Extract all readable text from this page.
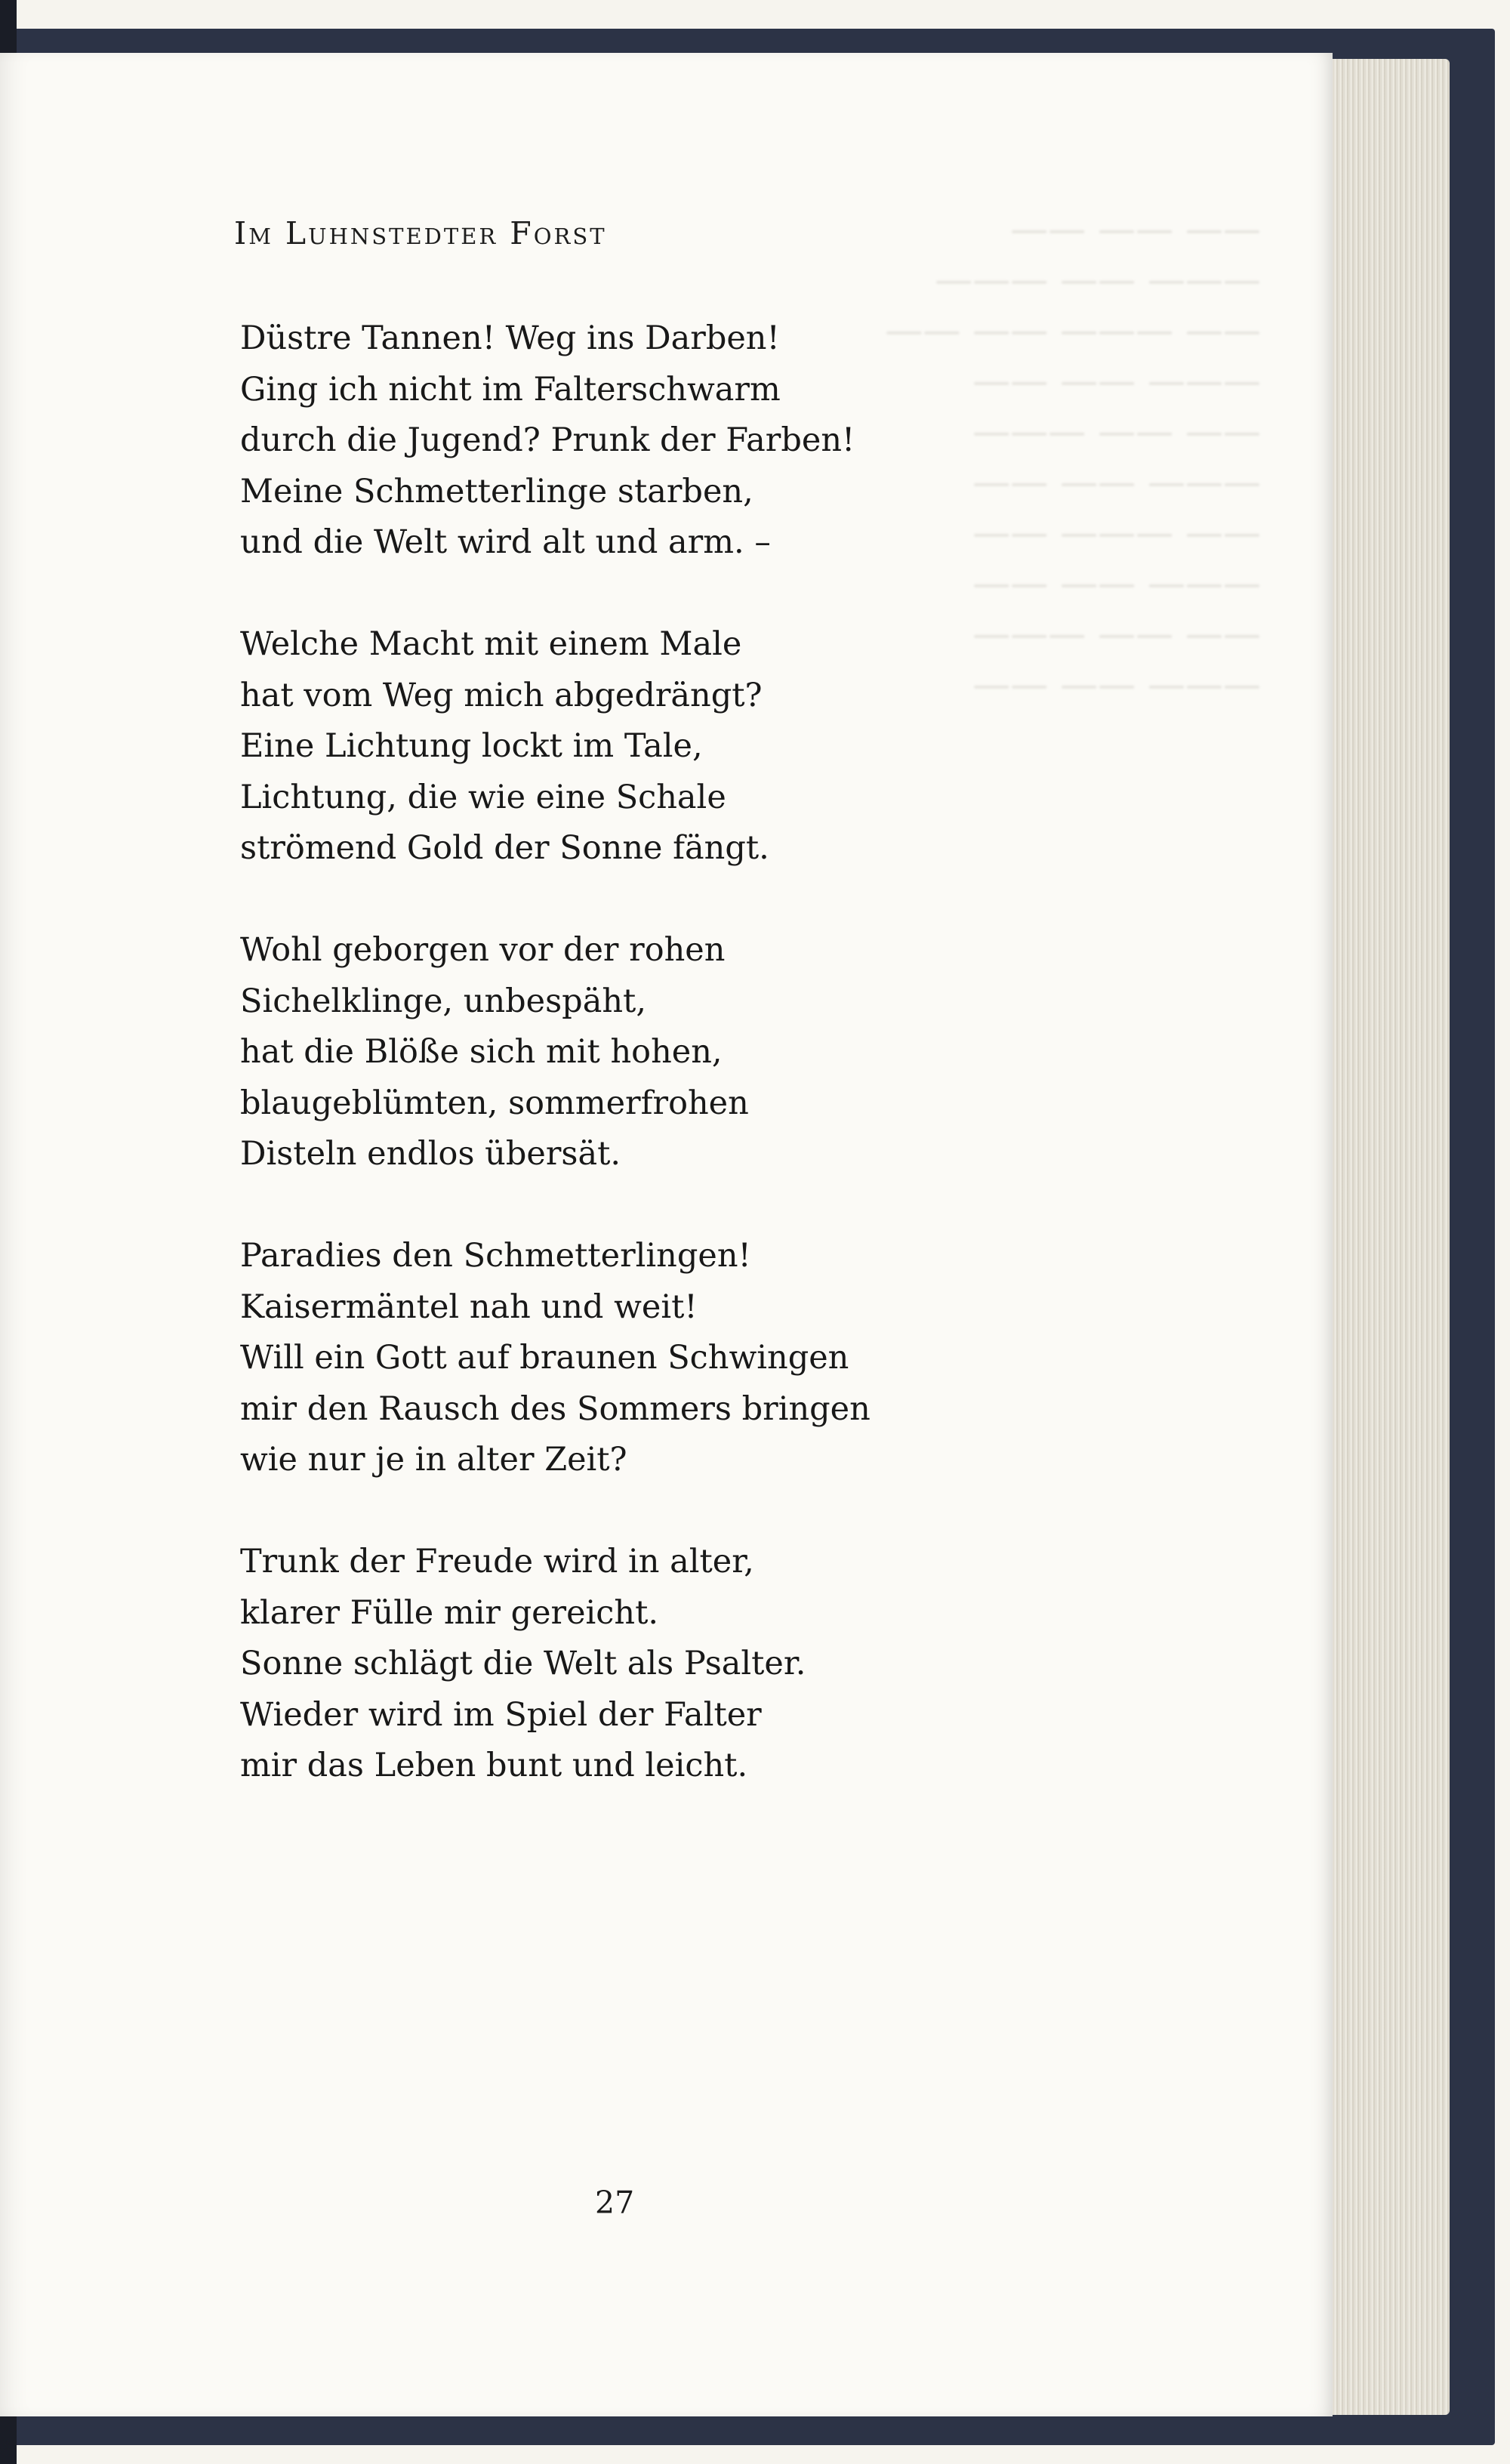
—— —— ——
——— —— ———
—— ——— —— ——
——— —— ——
—— —— ———
——— —— ——
—— ——— ——
——— —— ——
—— —— ———
——— —— ——
Im Luhnstedter Forst
Düstre Tannen! Weg ins Darben!
Ging ich nicht im Falterschwarm
durch die Jugend? Prunk der Farben!
Meine Schmetterlinge starben,
und die Welt wird alt und arm. –
Welche Macht mit einem Male
hat vom Weg mich abgedrängt?
Eine Lichtung lockt im Tale,
Lichtung, die wie eine Schale
strömend Gold der Sonne fängt.
Wohl geborgen vor der rohen
Sichelklinge, unbespäht,
hat die Blöße sich mit hohen,
blaugeblümten, sommerfrohen
Disteln endlos übersät.
Paradies den Schmetterlingen!
Kaisermäntel nah und weit!
Will ein Gott auf braunen Schwingen
mir den Rausch des Sommers bringen
wie nur je in alter Zeit?
Trunk der Freude wird in alter,
klarer Fülle mir gereicht.
Sonne schlägt die Welt als Psalter.
Wieder wird im Spiel der Falter
mir das Leben bunt und leicht.
27
